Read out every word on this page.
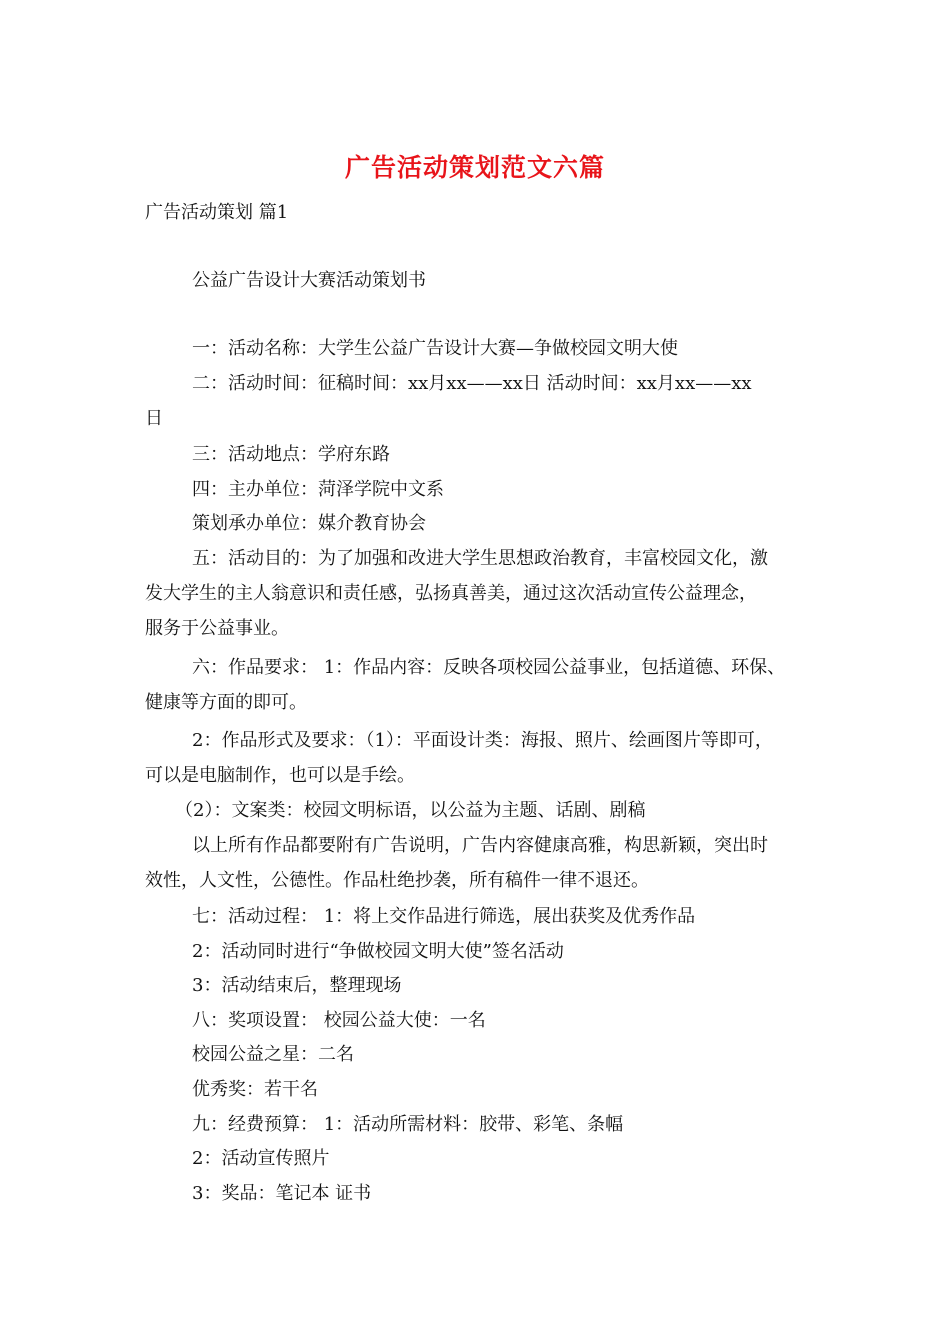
广告活动策划范文六篇
广告活动策划 篇1
公益广告设计大赛活动策划书
一：活动名称：大学生公益广告设计大赛—争做校园文明大使
二：活动时间：征稿时间：xx月xx——xx日 活动时间：xx月xx——xx
日
三：活动地点：学府东路
四：主办单位：菏泽学院中文系
策划承办单位：媒介教育协会
五：活动目的：为了加强和改进大学生思想政治教育，丰富校园文化，激
发大学生的主人翁意识和责任感，弘扬真善美，通过这次活动宣传公益理念，
服务于公益事业。
六：作品要求： 1：作品内容：反映各项校园公益事业，包括道德、环保、
健康等方面的即可。
2：作品形式及要求：（1）：平面设计类：海报、照片、绘画图片等即可，
可以是电脑制作，也可以是手绘。
（2）：文案类：校园文明标语，以公益为主题、话剧、剧稿
以上所有作品都要附有广告说明，广告内容健康高雅，构思新颖，突出时
效性，人文性，公德性。作品杜绝抄袭，所有稿件一律不退还。
七：活动过程： 1：将上交作品进行筛选，展出获奖及优秀作品
2：活动同时进行“争做校园文明大使”签名活动
3：活动结束后，整理现场
八：奖项设置： 校园公益大使：一名
校园公益之星：二名
优秀奖：若干名
九：经费预算： 1：活动所需材料：胶带、彩笔、条幅
2：活动宣传照片
3：奖品：笔记本 证书
